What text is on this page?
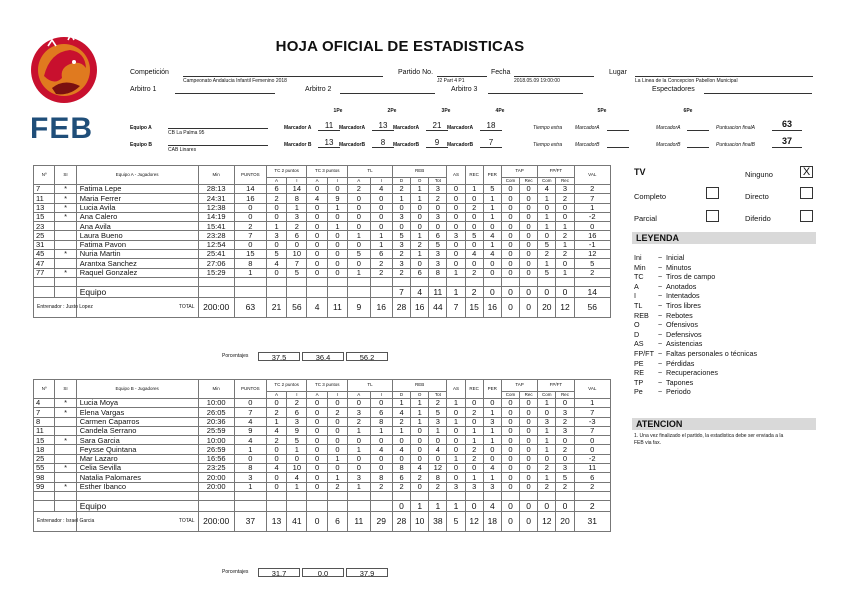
FEB
HOJA OFICIAL DE ESTADISTICAS
Competición
Campeonato Andalucia Infantil Femenino 2018
Partido No.
J2 Part 4 P1
Fecha
2018.05.09 19:00:00
Lugar
La Linea de la Concepcion Pabellon Municipal
Arbitro 1	Arbitro 2	Arbitro 3	Espectadores
1Pe	2Pe	3Pe	4Pe	5Pe	6Pe
Equipo A
CB La Palma 95
Marcador A	11	MarcadorA	13	MarcadorA	21	MarcadorA	18	Tiempo extra	MarcadorA	MarcadorA	Puntuacion finalA	63
Equipo B
CAB Linares
Marcador B	13	MarcadorB	8	MarcadorB	9	MarcadorB	7	Tiempo extra	MarcadorB	MarcadorB	Puntuacion finalB	37
Nº	SI	Equipo A - Jugadores	Min	PUNTOS	TC 2 puntos		TC 3 puntos		TL		REB			AS	REC	PER	TAP		FP/FT		VAL
					A	I	A	I	A	I	D	O	Tot				Com	Rec	Com	Rec	
7	*	Fatima Lepe	28:13	14	6	14	0	0	2	4	2	1	3	0	1	5	0	0	4	3	2
11	*	Maria Ferrer	24:31	16	2	8	4	9	0	0	1	1	2	0	0	1	0	0	1	2	7
13	*	Lucia Avila	12:38	0	0	1	0	1	0	0	0	0	0	0	2	1	0	0	0	0	1
15	*	Ana Calero	14:19	0	0	3	0	0	0	0	3	0	3	0	0	1	0	0	1	0	-2
23		Ana Avila	15:41	2	1	2	0	1	0	0	0	0	0	0	0	0	0	0	1	1	0
25		Laura Bueno	23:28	7	3	6	0	0	1	1	5	1	6	3	5	4	0	0	0	2	16
31		Fatima Pavon	12:54	0	0	0	0	0	0	1	3	2	5	0	0	1	0	0	5	1	-1
45	*	Nuria Martin	25:41	15	5	10	0	0	5	6	2	1	3	0	4	4	0	0	2	2	12
47		Arantxa Sanchez	27:06	8	4	7	0	0	0	2	3	0	3	0	0	0	0	0	1	0	5
77	*	Raquel Gonzalez	15:29	1	0	5	0	0	1	2	2	6	8	1	2	0	0	0	5	1	2

		Equipo									7	4	11	1	2	0	0	0	0	0	14
Entrenador : Justo Lopez		TOTAL	200:00	63	21	56	4	11	9	16	28	16	44	7	15	16	0	0	20	12	56
Porcentajes	37.5	36.4	56.2
Nº	SI	Equipo B - Jugadores	Min	PUNTOS	TC 2 puntos		TC 3 puntos		TL		REB			AS	REC	PER	TAP		FP/FT		VAL
					A	I	A	I	A	I	D	O	Tot				Com	Rec	Com	Rec	
4	*	Lucia Moya	10:00	0	0	2	0	0	0	0	1	1	2	1	0	0	0	0	1	0	1
7	*	Elena Vargas	26:05	7	2	6	0	2	3	6	4	1	5	0	2	1	0	0	0	3	7
8		Carmen Caparros	20:36	4	1	3	0	0	2	8	2	1	3	1	0	3	0	0	3	2	-3
11		Candela Serrano	25:59	9	4	9	0	0	1	1	1	0	1	0	1	1	0	0	1	3	7
15	*	Sara Garcia	10:00	4	2	5	0	0	0	0	0	0	0	0	1	1	0	0	1	0	0
18		Feysse Quintana	26:59	1	0	1	0	0	1	4	4	0	4	0	2	0	0	0	1	2	0
25		Mar Lazaro	16:56	0	0	0	0	1	0	0	0	0	0	1	2	0	0	0	0	0	-2
55	*	Celia Sevilla	23:25	8	4	10	0	0	0	0	8	4	12	0	0	4	0	0	2	3	11
98		Natalia Palomares	20:00	3	0	4	0	1	3	8	6	2	8	0	1	1	0	0	1	5	6
99	*	Esther Ibanco	20:00	1	0	1	0	2	1	2	2	0	2	3	3	3	0	0	2	2	2

		Equipo									0	1	1	1	0	4	0	0	0	0	2
Entrenador : Israel Garcia		TOTAL	200:00	37	13	41	0	6	11	29	28	10	38	5	12	18	0	0	12	20	31
Porcentajes	31.7	0.0	37.9
TV	Ninguno	X
Completo	Directo
Parcial	Diferido
LEYENDA
Ini ~ Inicial
Min ~ Minutos
TC ~ Tiros de campo
A	~ Anotados
I	~ Intentados
TL ~ Tiros libres
REB ~ Rebotes
O	~ Ofensivos
D	~ Defensivos
AS ~ Asistencias
FP/FT ~ Faltas personales o técnicas
PE ~ Pérdidas
RE ~ Recuperaciones
TP ~ Tapones
Pe ~ Periodo
ATENCION
1. Una vez finalizado el partido, la estadistica debe ser enviada a la FEB via fax.
